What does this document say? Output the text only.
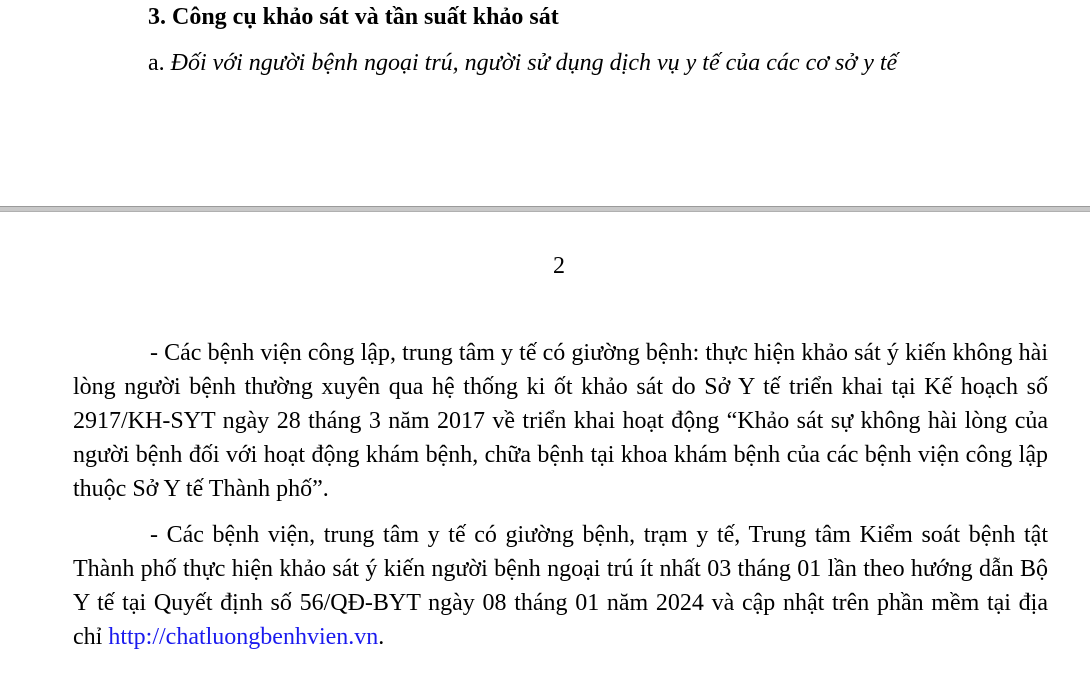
3. Công cụ khảo sát và tần suất khảo sát
a. Đối với người bệnh ngoại trú, người sử dụng dịch vụ y tế của các cơ sở y tế
2
- Các bệnh viện công lập, trung tâm y tế có giường bệnh: thực hiện khảo sát ý kiến không hài lòng người bệnh thường xuyên qua hệ thống ki ốt khảo sát do Sở Y tế triển khai tại Kế hoạch số 2917/KH-SYT ngày 28 tháng 3 năm 2017 về triển khai hoạt động “Khảo sát sự không hài lòng của người bệnh đối với hoạt động khám bệnh, chữa bệnh tại khoa khám bệnh của các bệnh viện công lập thuộc Sở Y tế Thành phố”.
- Các bệnh viện, trung tâm y tế có giường bệnh, trạm y tế, Trung tâm Kiểm soát bệnh tật Thành phố thực hiện khảo sát ý kiến người bệnh ngoại trú ít nhất 03 tháng 01 lần theo hướng dẫn Bộ Y tế tại Quyết định số 56/QĐ-BYT ngày 08 tháng 01 năm 2024 và cập nhật trên phần mềm tại địa chỉ http://chatluongbenhvien.vn.
